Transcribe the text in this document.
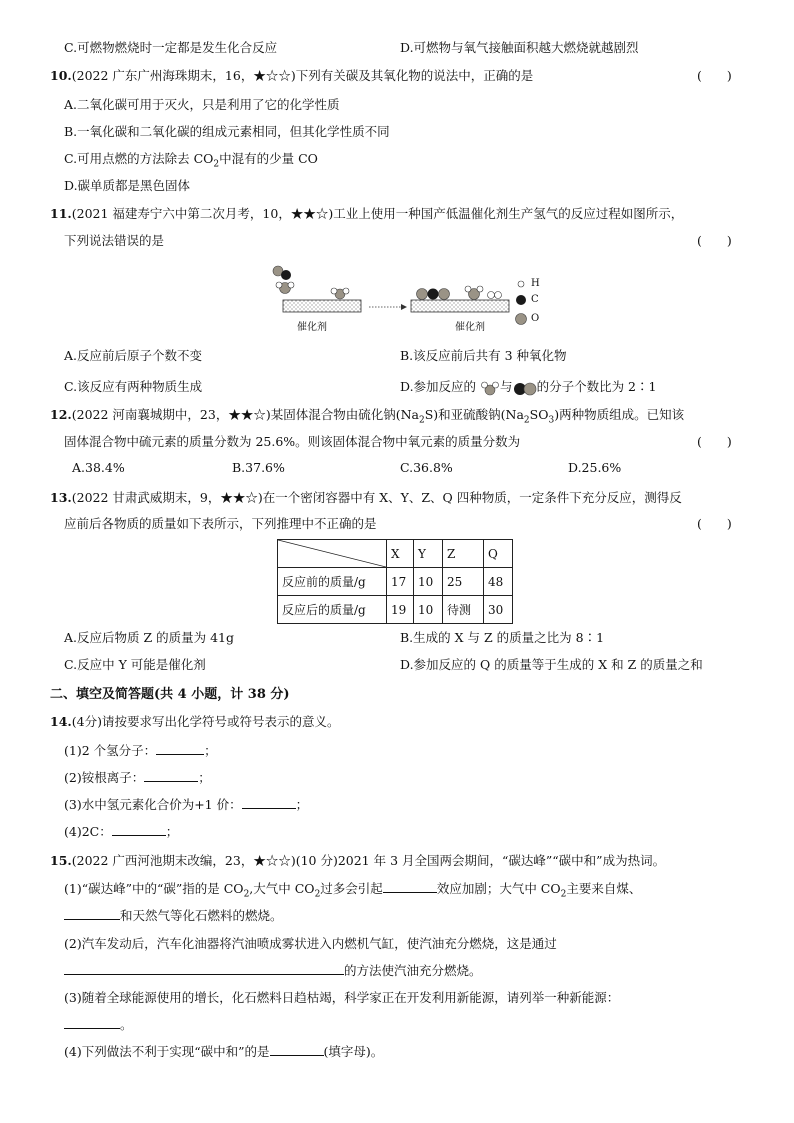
C.可燃物燃烧时一定都是发生化合反应	D.可燃物与氧气接触面积越大燃烧就越剧烈
10.(2022 广东广州海珠期末，16，★☆☆)下列有关碳及其氧化物的说法中，正确的是	(　　)
A.二氧化碳可用于灭火，只是利用了它的化学性质
B.一氧化碳和二氧化碳的组成元素相同，但其化学性质不同
C.可用点燃的方法除去 $CO_2$中混有的少量 CO
D.碳单质都是黑色固体
11.(2021 福建寿宁六中第二次月考，10，★★☆)工业上使用一种国产低温催化剂生产氢气的反应过程如图所示，
下列说法错误的是	(　　)
催化剂	催化剂
H
C
O
A.反应前后原子个数不变	B.该反应前后共有 3 种氧化物
C.该反应有两种物质生成	D.参加反应的 与 的分子个数比为 2∶1
12.(2022 河南襄城期中，23，★★☆)某固体混合物由硫化钠$(Na_2S)$和亚硫酸钠$(Na_2SO_3)$两种物质组成。已知该
固体混合物中硫元素的质量分数为 25.6%。则该固体混合物中氧元素的质量分数为	(　　)
A.38.4%	B.37.6%	C.36.8%	D.25.6%
13.(2022 甘肃武威期末，9，★★☆)在一个密闭容器中有 X、Y、Z、Q 四种物质，一定条件下充分反应，测得反
应前后各物质的质量如下表所示，下列推理中不正确的是	(　　)
	X	Y	Z	Q
反应前的质量/g	17	10	25	48
反应后的质量/g	19	10	待测	30
A.反应后物质 Z 的质量为 41g	B.生成的 X 与 Z 的质量之比为 8∶1
C.反应中 Y 可能是催化剂	D.参加反应的 Q 的质量等于生成的 X 和 Z 的质量之和
二、填空及简答题(共 4 小题，计 38 分)
14.(4分)请按要求写出化学符号或符号表示的意义。
(1)2 个氢分子：	；
(2)铵根离子：	；
(3)水中氢元素化合价为+1 价：	；
(4)2C：	；
15.(2022 广西河池期末改编，23，★☆☆)(10 分)2021 年 3 月全国两会期间，“碳达峰”“碳中和”成为热词。
(1)“碳达峰”中的“碳”指的是 $CO_2$,大气中 $CO_2$过多会引起	效应加剧；大气中 $CO_2$主要来自煤、
和天然气等化石燃料的燃烧。
(2)汽车发动后，汽车化油器将汽油喷成雾状进入内燃机气缸，使汽油充分燃烧，这是通过
的方法使汽油充分燃烧。
(3)随着全球能源使用的增长，化石燃料日趋枯竭，科学家正在开发利用新能源，请列举一种新能源：
。
(4)下列做法不利于实现“碳中和”的是	(填字母)。
